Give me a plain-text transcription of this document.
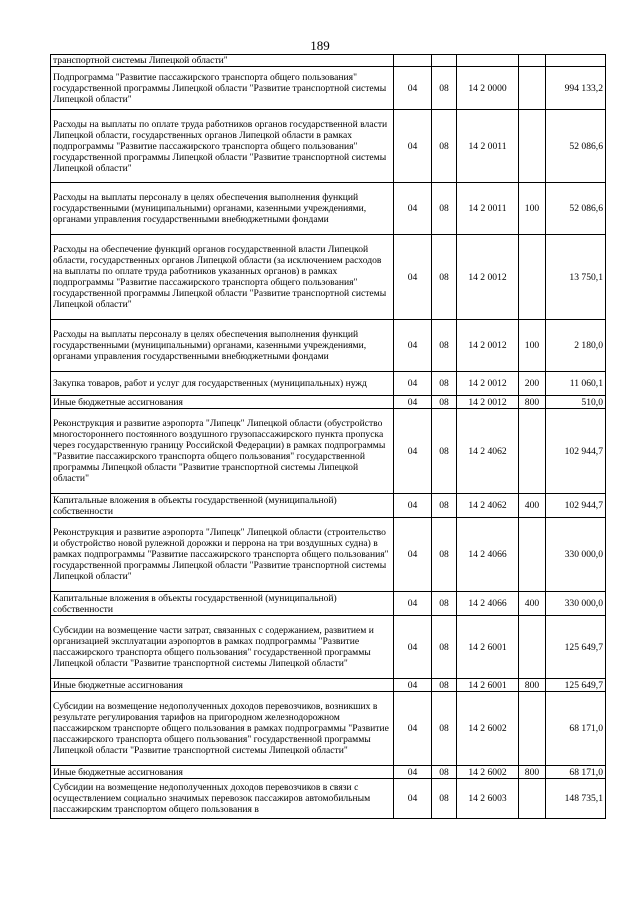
189
транспортной системы Липецкой области"					
Подпрограмма "Развитие пассажирского транспорта общего пользования" государственной программы Липецкой области "Развитие транспортной системы Липецкой области"	04	08	14 2 0000		994 133,2
Расходы на выплаты по оплате труда работников органов государственной власти Липецкой области, государственных органов Липецкой области в рамках подпрограммы "Развитие пассажирского транспорта общего пользования" государственной программы Липецкой области "Развитие транспортной системы Липецкой области"	04	08	14 2 0011		52 086,6
Расходы на выплаты персоналу в целях обеспечения выполнения функций государственными (муниципальными) органами, казенными учреждениями, органами управления государственными внебюджетными фондами	04	08	14 2 0011	100	52 086,6
Расходы на обеспечение функций органов государственной власти Липецкой области, государственных органов Липецкой области (за исключением расходов на выплаты по оплате труда работников указанных органов) в рамках подпрограммы "Развитие пассажирского транспорта общего пользования" государственной программы Липецкой области "Развитие транспортной системы Липецкой области"	04	08	14 2 0012		13 750,1
Расходы на выплаты персоналу в целях обеспечения выполнения функций государственными (муниципальными) органами, казенными учреждениями, органами управления государственными внебюджетными фондами	04	08	14 2 0012	100	2 180,0
Закупка товаров, работ и услуг для государственных (муниципальных) нужд	04	08	14 2 0012	200	11 060,1
Иные бюджетные ассигнования	04	08	14 2 0012	800	510,0
Реконструкция и развитие аэропорта "Липецк" Липецкой области (обустройство многостороннего постоянного воздушного грузопассажирского пункта пропуска через государственную границу Российской Федерации) в рамках подпрограммы "Развитие пассажирского транспорта общего пользования" государственной программы Липецкой области "Развитие транспортной системы Липецкой области"	04	08	14 2 4062		102 944,7
Капитальные вложения в объекты государственной (муниципальной) собственности	04	08	14 2 4062	400	102 944,7
Реконструкция и развитие аэропорта "Липецк" Липецкой области (строительство и обустройство новой рулежной дорожки и перрона на три воздушных судна) в рамках подпрограммы "Развитие пассажирского транспорта общего пользования" государственной программы Липецкой области "Развитие транспортной системы Липецкой области"	04	08	14 2 4066		330 000,0
Капитальные вложения в объекты государственной (муниципальной) собственности	04	08	14 2 4066	400	330 000,0
Субсидии на возмещение части затрат, связанных с содержанием, развитием и организацией эксплуатации аэропортов в рамках подпрограммы "Развитие пассажирского транспорта общего пользования" государственной программы Липецкой области "Развитие транспортной системы Липецкой области"	04	08	14 2 6001		125 649,7
Иные бюджетные ассигнования	04	08	14 2 6001	800	125 649,7
Субсидии на возмещение недополученных доходов перевозчиков, возникших в результате регулирования тарифов на пригородном железнодорожном пассажирском транспорте общего пользования в рамках подпрограммы "Развитие пассажирского транспорта общего пользования" государственной программы Липецкой области "Развитие транспортной системы Липецкой области"	04	08	14 2 6002		68 171,0
Иные бюджетные ассигнования	04	08	14 2 6002	800	68 171,0
Субсидии на возмещение недополученных доходов перевозчиков в связи с осуществлением социально значимых перевозок пассажиров автомобильным пассажирским транспортом общего пользования в	04	08	14 2 6003		148 735,1
